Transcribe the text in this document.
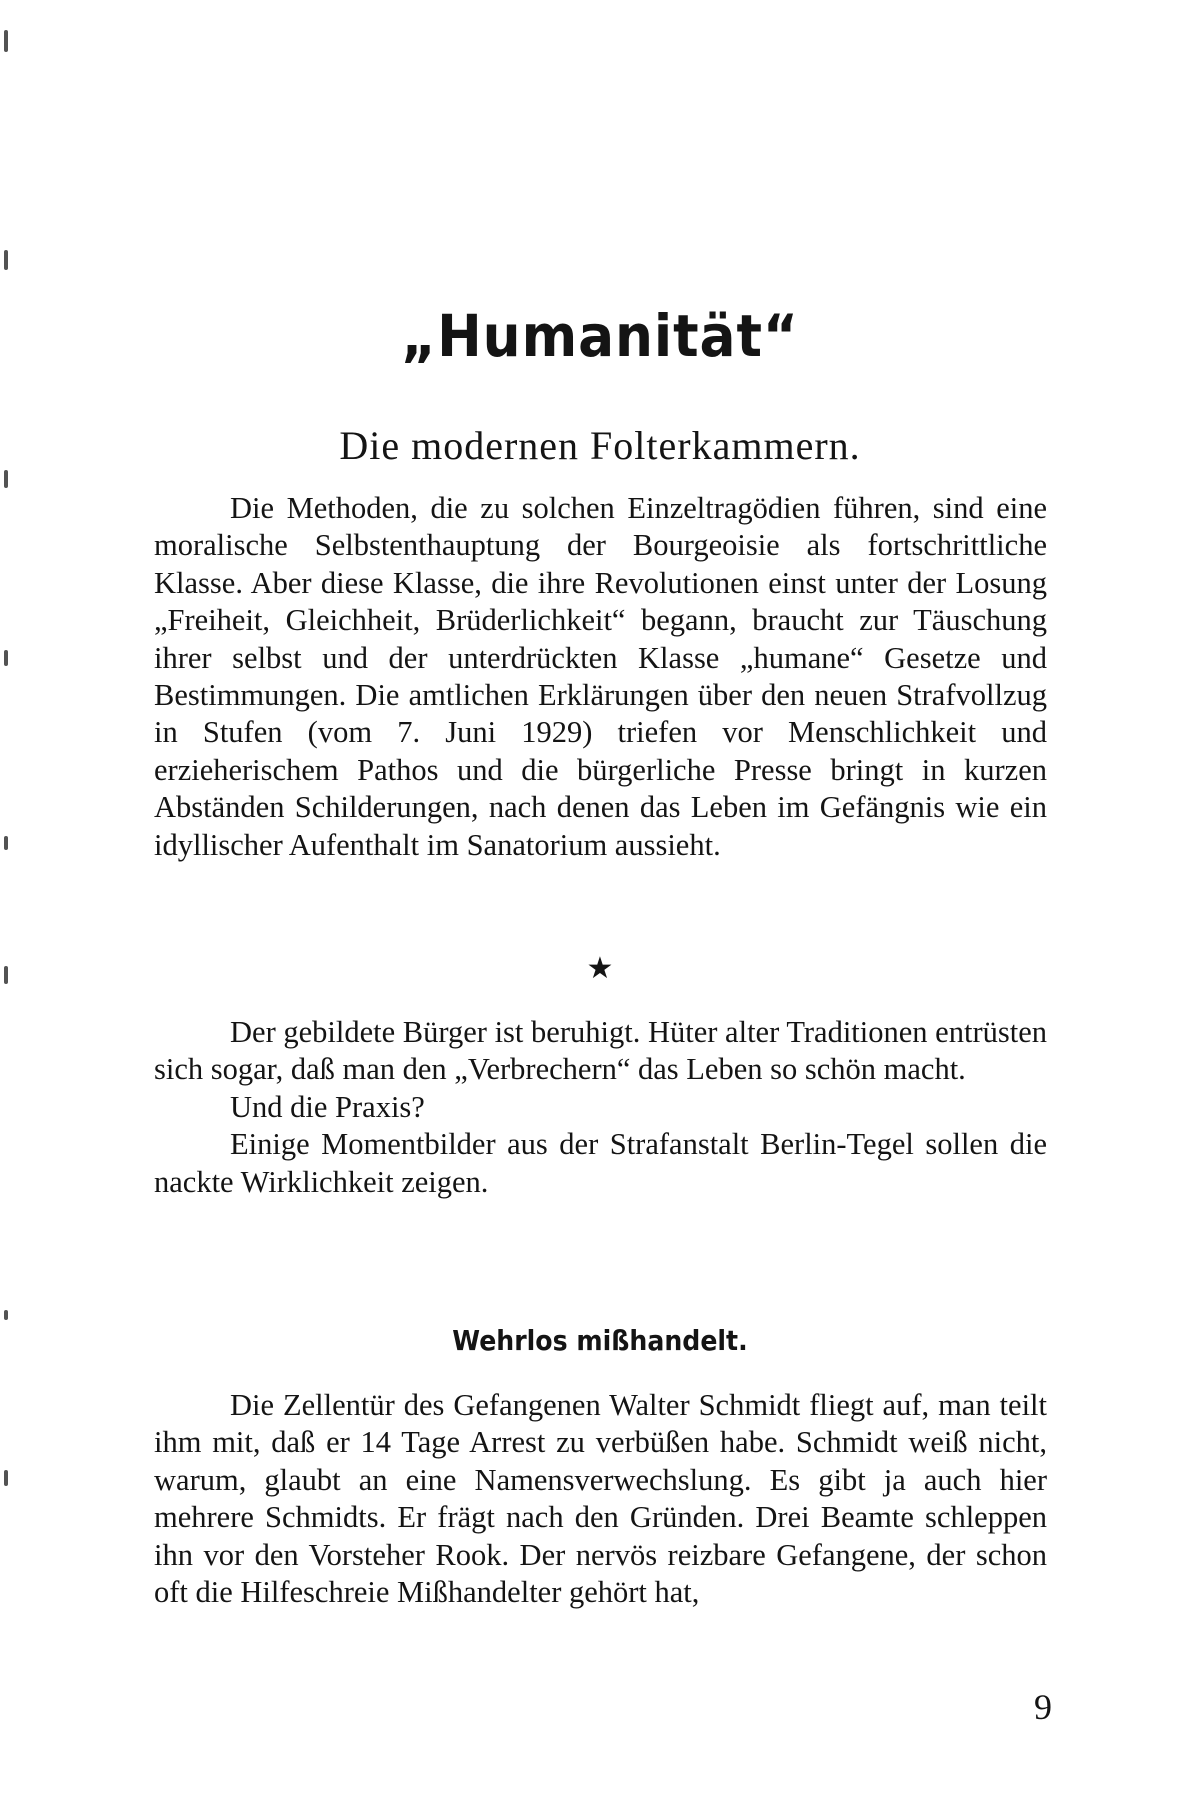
„Humanität“
Die modernen Folterkammern.

Die Methoden, die zu solchen Einzeltragödien führen, sind eine moralische Selbstenthauptung der Bourgeoisie als fortschrittliche Klasse. Aber diese Klasse, die ihre Revolutionen einst unter der Losung „Freiheit, Gleichheit, Brüderlichkeit“ begann, braucht zur Täuschung ihrer selbst und der unterdrückten Klasse „humane“ Gesetze und Bestimmungen. Die amtlichen Erklärungen über den neuen Strafvollzug in Stufen (vom 7. Juni 1929) triefen vor Menschlichkeit und erzieherischem Pathos und die bürgerliche Presse bringt in kurzen Abständen Schilderungen, nach denen das Leben im Gefängnis wie ein idyllischer Aufenthalt im Sanatorium aussieht.

★

Der gebildete Bürger ist beruhigt. Hüter alter Traditionen entrüsten sich sogar, daß man den „Verbrechern“ das Leben so schön macht.

Und die Praxis?

Einige Momentbilder aus der Strafanstalt Berlin-Tegel sollen die nackte Wirklichkeit zeigen.

Wehrlos mißhandelt.

Die Zellentür des Gefangenen Walter Schmidt fliegt auf, man teilt ihm mit, daß er 14 Tage Arrest zu verbüßen habe. Schmidt weiß nicht, warum, glaubt an eine Namensverwechslung. Es gibt ja auch hier mehrere Schmidts. Er frägt nach den Gründen. Drei Beamte schleppen ihn vor den Vorsteher Rook. Der nervös reizbare Gefangene, der schon oft die Hilfeschreie Mißhandelter gehört hat,

9
